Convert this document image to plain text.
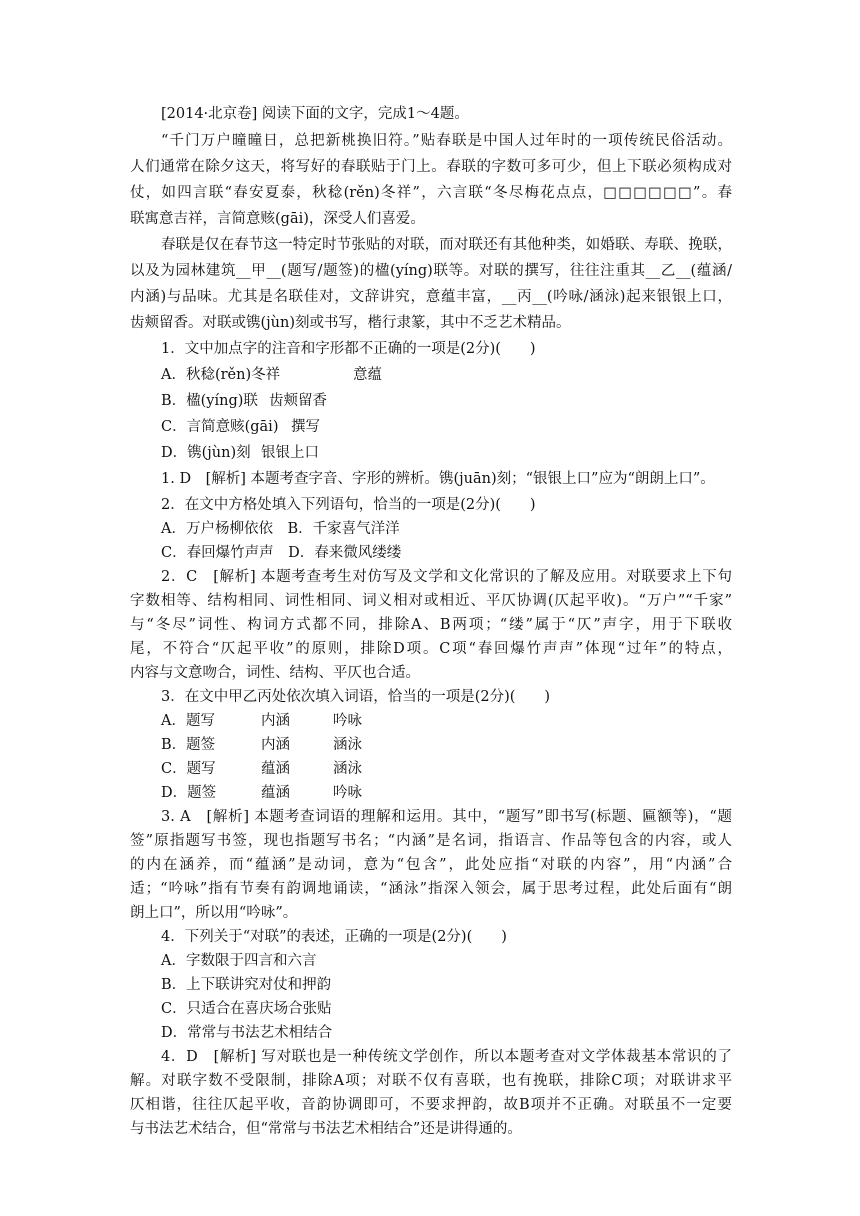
[2014·北京卷] 阅读下面的文字，完成1～4题。
“千门万户曈曈日，总把新桃换旧符。”贴春联是中国人过年时的一项传统民俗活动。
人们通常在除夕这天，将写好的春联贴于门上。春联的字数可多可少，但上下联必须构成对
仗，如四言联“春安夏泰，秋稔(rěn)冬祥”，六言联“冬尽梅花点点，□□□□□□”。春
联寓意吉祥，言简意赅(gāi)，深受人们喜爱。
春联是仅在春节这一特定时节张贴的对联，而对联还有其他种类，如婚联、寿联、挽联，
以及为园林建筑__甲__(题写/题签)的楹(yíng)联等。对联的撰写，往往注重其__乙__(蕴涵/
内涵)与品味。尤其是名联佳对，文辞讲究，意蕴丰富，__丙__(吟咏/涵泳)起来银银上口，
齿颊留香。对联或镌(jùn)刻或书写，楷行隶篆，其中不乏艺术精品。
1．文中加点字的注音和字形都不正确的一项是(2分)(　　)
A．秋稔(rěn)冬祥	意蕴
B．楹(yíng)联 齿颊留香
C．言简意赅(gāi) 撰写
D．镌(jùn)刻 银银上口
1. D　[解析] 本题考查字音、字形的辨析。镌(juān)刻；“银银上口”应为“朗朗上口”。
2．在文中方格处填入下列语句，恰当的一项是(2分)(　　)
A．万户杨柳依依　B．千家喜气洋洋
C．春回爆竹声声　D．春来微风缕缕
2．C　[解析] 本题考查考生对仿写及文学和文化常识的了解及应用。对联要求上下句
字数相等、结构相同、词性相同、词义相对或相近、平仄协调(仄起平收)。“万户”“千家”
与“冬尽”词性、构词方式都不同，排除A、B两项；“缕”属于“仄”声字，用于下联收
尾，不符合“仄起平收”的原则，排除D项。C项“春回爆竹声声”体现“过年”的特点，
内容与文意吻合，词性、结构、平仄也合适。
3．在文中甲乙丙处依次填入词语，恰当的一项是(2分)(　　)
A．题写	内涵	吟咏
B．题签	内涵	涵泳
C．题写	蕴涵	涵泳
D．题签	蕴涵	吟咏
3. A　[解析] 本题考查词语的理解和运用。其中，“题写”即书写(标题、匾额等)，“题
签”原指题写书签，现也指题写书名；“内涵”是名词，指语言、作品等包含的内容，或人
的内在涵养，而“蕴涵”是动词，意为“包含”，此处应指“对联的内容”，用“内涵”合
适；“吟咏”指有节奏有韵调地诵读，“涵泳”指深入领会，属于思考过程，此处后面有“朗
朗上口”，所以用“吟咏”。
4．下列关于“对联”的表述，正确的一项是(2分)(　　)
A．字数限于四言和六言
B．上下联讲究对仗和押韵
C．只适合在喜庆场合张贴
D．常常与书法艺术相结合
4．D　[解析] 写对联也是一种传统文学创作，所以本题考查对文学体裁基本常识的了
解。对联字数不受限制，排除A项；对联不仅有喜联，也有挽联，排除C项；对联讲求平
仄相谐，往往仄起平收，音韵协调即可，不要求押韵，故B项并不正确。对联虽不一定要
与书法艺术结合，但“常常与书法艺术相结合”还是讲得通的。
